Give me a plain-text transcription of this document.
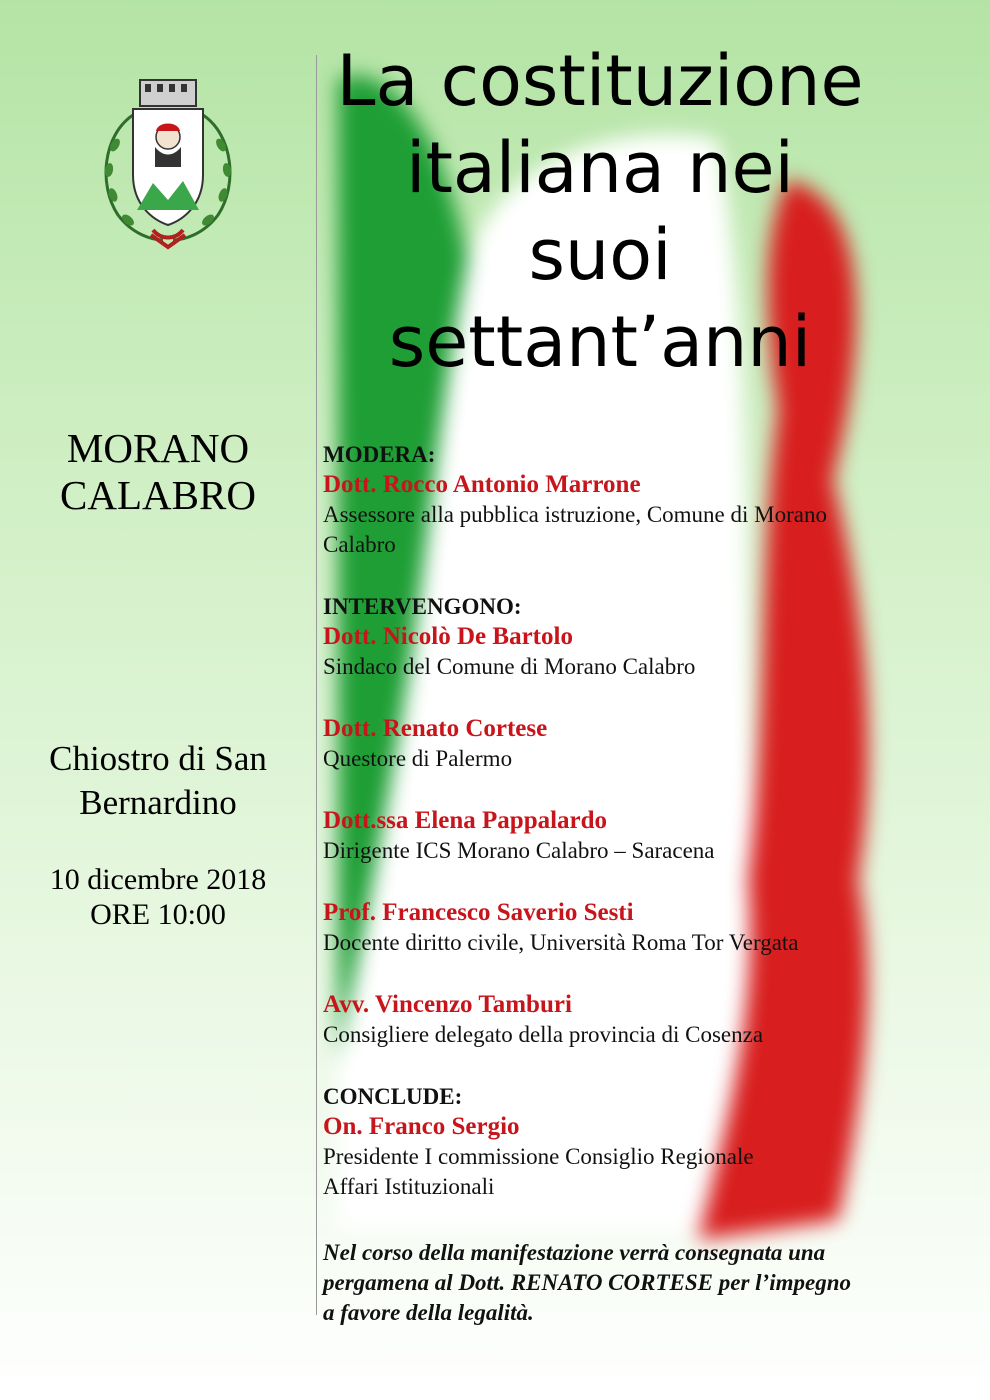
La costituzione
italiana nei
suoi
settant’anni
MORANO
CALABRO
Chiostro di San
Bernardino
10 dicembre 2018
ORE 10:00
MODERA:
Dott. Rocco Antonio Marrone
Assessore alla pubblica istruzione, Comune di Morano
Calabro
INTERVENGONO:
Dott. Nicolò De Bartolo
Sindaco del Comune di Morano Calabro
Dott. Renato Cortese
Questore di Palermo
Dott.ssa Elena Pappalardo
Dirigente ICS Morano Calabro – Saracena
Prof. Francesco Saverio Sesti
Docente diritto civile, Università Roma Tor Vergata
Avv. Vincenzo Tamburi
Consigliere delegato della provincia di Cosenza
CONCLUDE:
On. Franco Sergio
Presidente I commissione Consiglio Regionale
Affari Istituzionali
Nel corso della manifestazione verrà consegnata una
pergamena al Dott. RENATO CORTESE per l’impegno
a favore della legalità.
